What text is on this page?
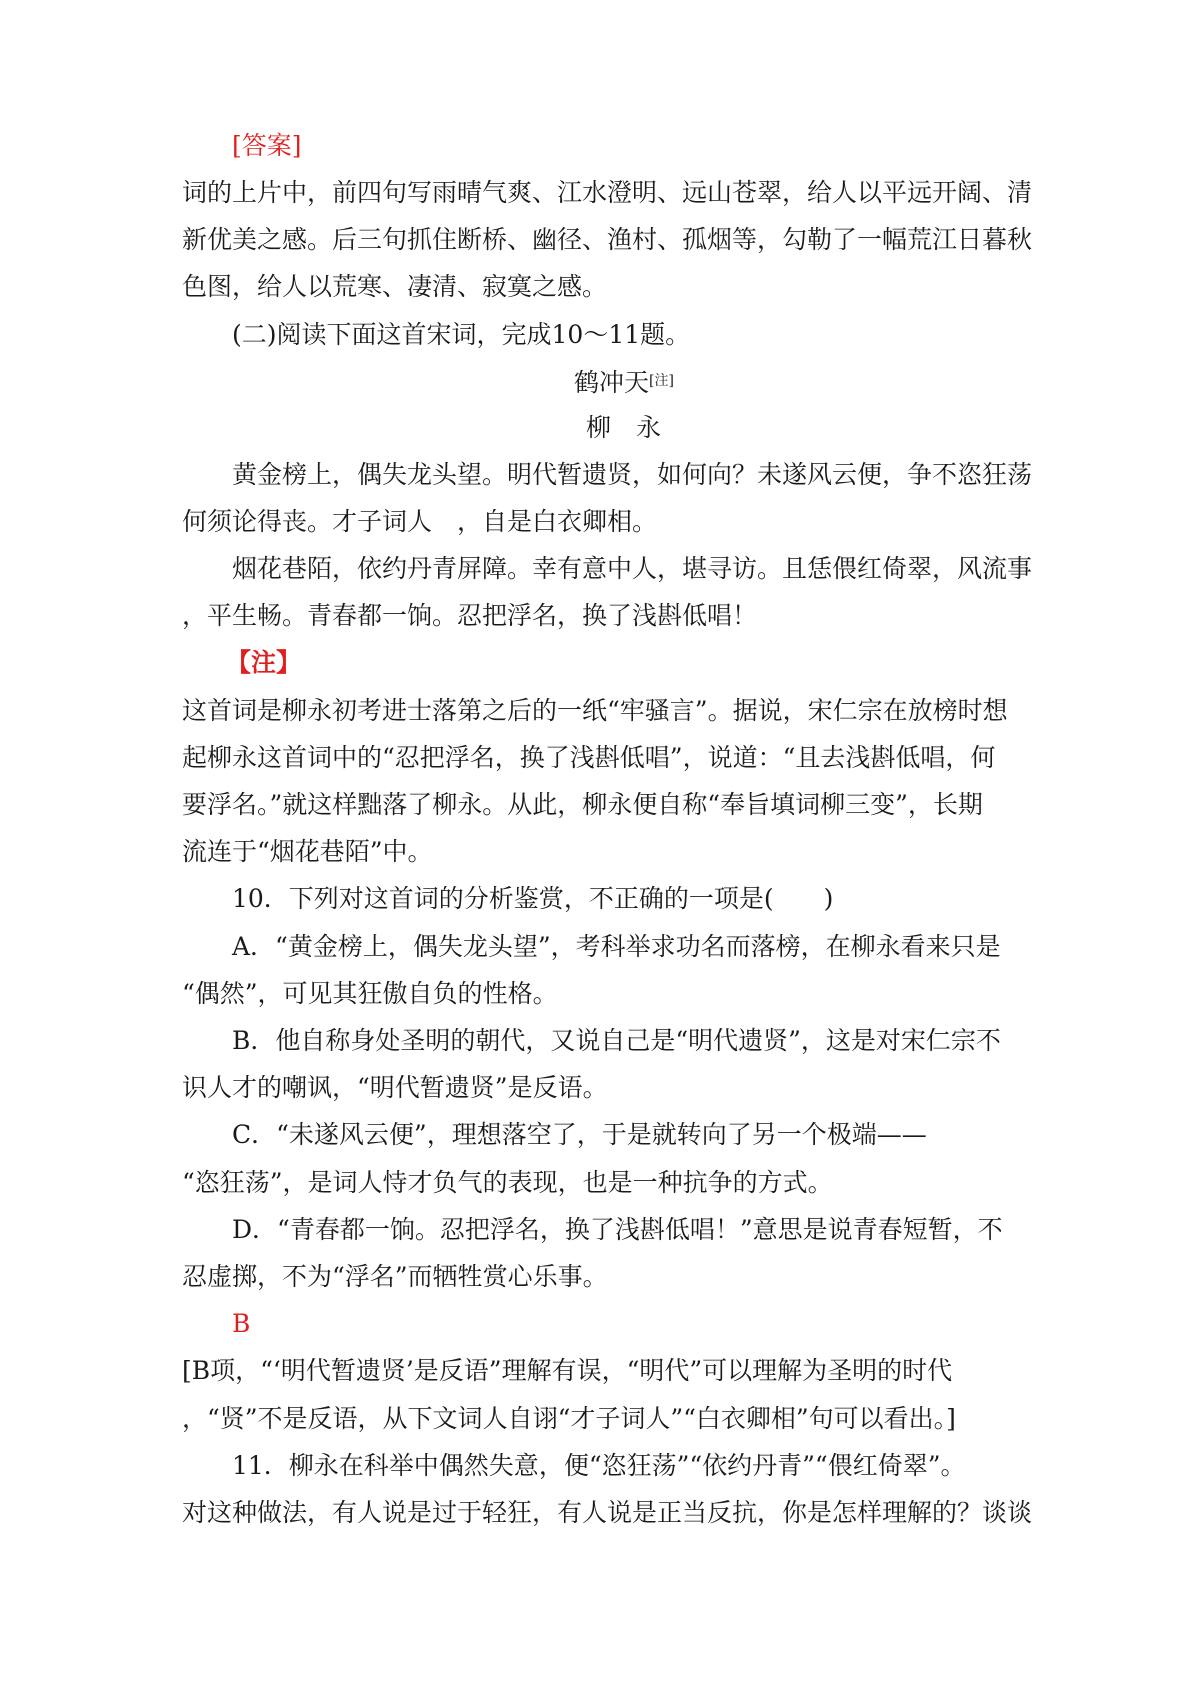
[答案]
词的上片中，前四句写雨晴气爽、江水澄明、远山苍翠，给人以平远开阔、清
新优美之感。后三句抓住断桥、幽径、渔村、孤烟等，勾勒了一幅荒江日暮秋
色图，给人以荒寒、凄清、寂寞之感。
(二)阅读下面这首宋词，完成10～11题。
鹤冲天[注]
柳　永
黄金榜上，偶失龙头望。明代暂遗贤，如何向？未遂风云便，争不恣狂荡
何须论得丧。才子词人　，自是白衣卿相。
烟花巷陌，依约丹青屏障。幸有意中人，堪寻访。且恁偎红倚翠，风流事
，平生畅。青春都一饷。忍把浮名，换了浅斟低唱！
【注】
这首词是柳永初考进士落第之后的一纸“牢骚言”。据说，宋仁宗在放榜时想
起柳永这首词中的“忍把浮名，换了浅斟低唱”，说道：“且去浅斟低唱，何
要浮名。”就这样黜落了柳永。从此，柳永便自称“奉旨填词柳三变”，长期
流连于“烟花巷陌”中。
10．下列对这首词的分析鉴赏，不正确的一项是(　　)
A．“黄金榜上，偶失龙头望”，考科举求功名而落榜，在柳永看来只是
“偶然”，可见其狂傲自负的性格。
B．他自称身处圣明的朝代，又说自己是“明代遗贤”，这是对宋仁宗不
识人才的嘲讽，“明代暂遗贤”是反语。
C．“未遂风云便”，理想落空了，于是就转向了另一个极端——
“恣狂荡”，是词人恃才负气的表现，也是一种抗争的方式。
D．“青春都一饷。忍把浮名，换了浅斟低唱！”意思是说青春短暂，不
忍虚掷，不为“浮名”而牺牲赏心乐事。
B
[B项，“‘明代暂遗贤’是反语”理解有误，“明代”可以理解为圣明的时代
，“贤”不是反语，从下文词人自诩“才子词人”“白衣卿相”句可以看出。]
11．柳永在科举中偶然失意，便“恣狂荡”“依约丹青”“偎红倚翠”。
对这种做法，有人说是过于轻狂，有人说是正当反抗，你是怎样理解的？谈谈
